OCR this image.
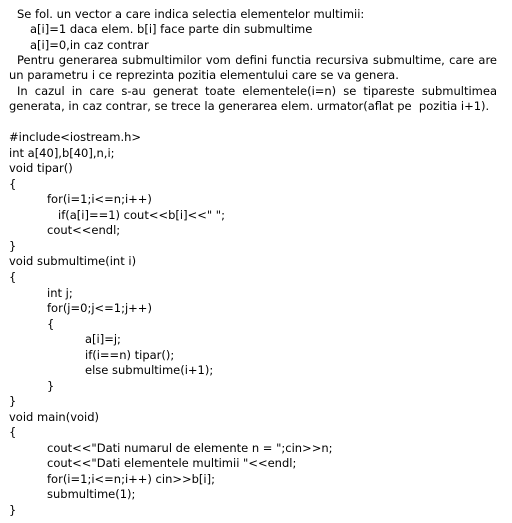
Se fol. un vector a care indica selectia elementelor multimii:
a[i]=1 daca elem. b[i] face parte din submultime
a[i]=0,in caz contrar
Pentru generarea submultimilor vom defini functia recursiva submultime, care are
un parametru i ce reprezinta pozitia elementului care se va genera.
In cazul in care s-au generat toate elementele(i=n) se tipareste submultimea
generata, in caz contrar, se trece la generarea elem. urmator(aflat pe  pozitia i+1).
#include<iostream.h>
int a[40],b[40],n,i;
void tipar()
{
for(i=1;i<=n;i++)
if(a[i]==1) cout<<b[i]<<" ";
cout<<endl;
}
void submultime(int i)
{
int j;
for(j=0;j<=1;j++)
{
a[i]=j;
if(i==n) tipar();
else submultime(i+1);
}
}
void main(void)
{
cout<<"Dati numarul de elemente n = ";cin>>n;
cout<<"Dati elementele multimii "<<endl;
for(i=1;i<=n;i++) cin>>b[i];
submultime(1);
}
